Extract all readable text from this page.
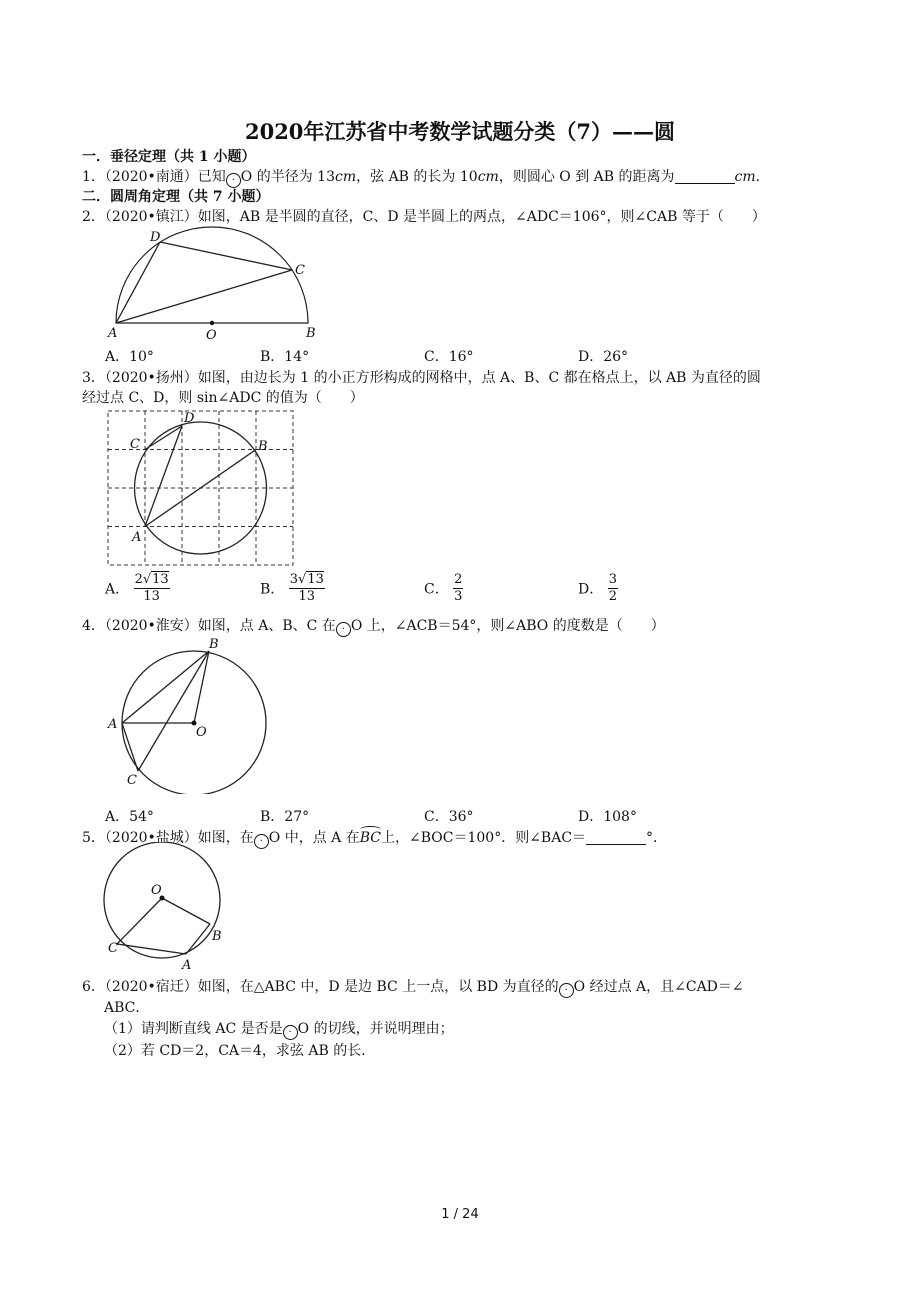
2020年江苏省中考数学试题分类（7）——圆
一．垂径定理（共 1 小题）
1．（2020•南通）已知 · O 的半径为 13cm，弦 AB 的长为 10cm，则圆心 O 到 AB 的距离为	cm．
二．圆周角定理（共 7 小题）
2．（2020•镇江）如图，AB 是半圆的直径，C、D 是半圆上的两点，∠ADC＝106°，则∠CAB 等于（　　）
D
C
A	O	B
A．10°	B．14°	C．16°	D．26°
3．（2020•扬州）如图，由边长为 1 的小正方形构成的网格中，点 A、B、C 都在格点上，以 AB 为直径的圆
经过点 C、D，则 sin∠ADC 的值为（　　）
C
D
B
A
A． $\frac{2√13}{13}$	B． $\frac{3√13}{13}$	C． $\frac{2}{3}$	D． $\frac{3}{2}$
4．（2020•淮安）如图，点 A、B、C 在 · O 上，∠ACB＝54°，则∠ABO 的度数是（　　）
B
A
O
C
A．54°	B．27°	C．36°	D．108°
5．（2020•盐城）如图，在 · O 中，点 A 在BC上，∠BOC＝100°．则∠BAC＝	°．
O
C
B
A
6．（2020•宿迁）如图，在△ABC 中，D 是边 BC 上一点，以 BD 为直径的 · O 经过点 A，且∠CAD＝∠
ABC．
（1）请判断直线 AC 是否是 · O 的切线，并说明理由；
（2）若 CD＝2，CA＝4，求弦 AB 的长．
1 / 24
